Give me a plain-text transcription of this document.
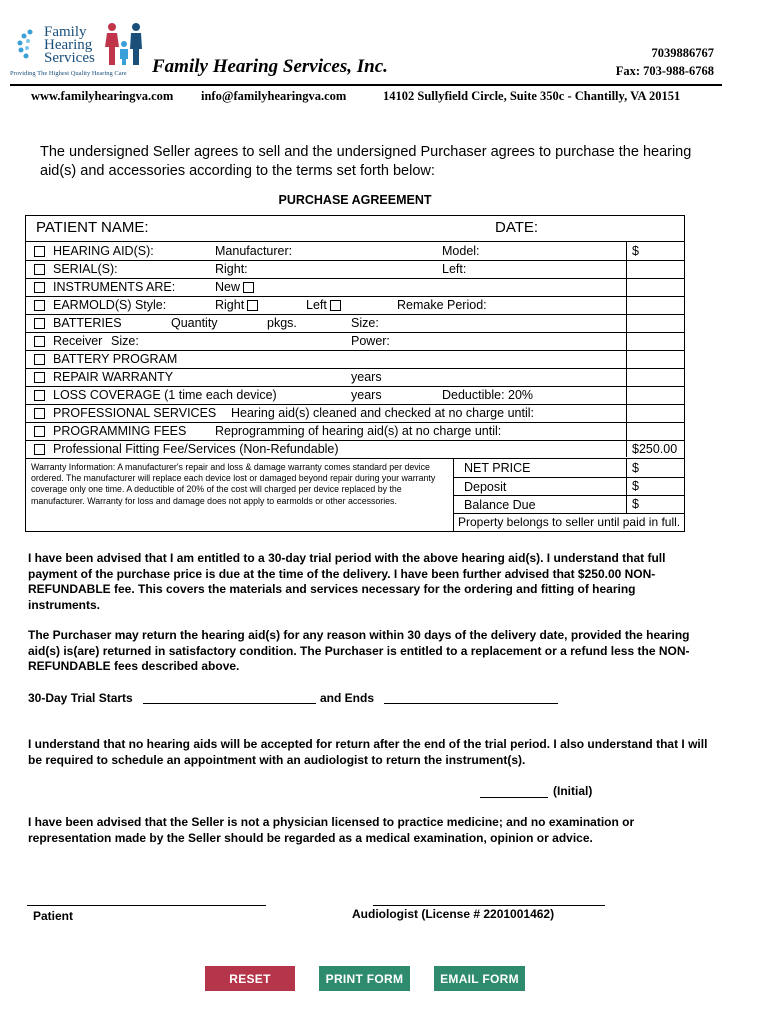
Family
Hearing
Services
Providing The Highest Quality Hearing Care Family Hearing Services, Inc.
7039886767
Fax: 703-988-6768
www.familyhearingva.com info@familyhearingva.com	14102 Sullyfield Circle, Suite 350c - Chantilly, VA 20151
The undersigned Seller agrees to sell and the undersigned Purchaser agrees to purchase the hearing aid(s) and accessories according to the terms set forth below:
PURCHASE AGREEMENT
PATIENT NAME:	DATE:
HEARING AID(S):	Manufacturer:	Model:	$
SERIAL(S):	Right:	Left:
INSTRUMENTS ARE:	New
EARMOLD(S) Style:	Right	Left	Remake Period:
BATTERIES	Quantity	pkgs.	Size:
Receiver Size:	Power:
BATTERY PROGRAM
REPAIR WARRANTY	years
LOSS COVERAGE (1 time each device)	years	Deductible: 20%
PROFESSIONAL SERVICES Hearing aid(s) cleaned and checked at no charge until:
PROGRAMMING FEES Reprogramming of hearing aid(s) at no charge until:
Professional Fitting Fee/Services (Non-Refundable)	$250.00
Warranty Information: A manufacturer's repair and loss & damage warranty comes standard per device ordered. The manufacturer will replace each device lost or damaged beyond repair during your warranty coverage only one time. A deductible of 20% of the cost will charged per device replaced by the manufacturer. Warranty for loss and damage does not apply to earmolds or other accessories.
NET PRICE	$
Deposit	$
Balance Due	$
Property belongs to seller until paid in full.
I have been advised that I am entitled to a 30-day trial period with the above hearing aid(s). I understand that full payment of the purchase price is due at the time of the delivery. I have been further advised that $250.00 NON-REFUNDABLE fee. This covers the materials and services necessary for the ordering and fitting of hearing instruments.
The Purchaser may return the hearing aid(s) for any reason within 30 days of the delivery date, provided the hearing aid(s) is(are) returned in satisfactory condition. The Purchaser is entitled to a replacement or a refund less the NON-REFUNDABLE fees described above.
30-Day Trial Starts	and Ends
I understand that no hearing aids will be accepted for return after the end of the trial period. I also understand that I will be required to schedule an appointment with an audiologist to return the instrument(s).
(Initial)
I have been advised that the Seller is not a physician licensed to practice medicine; and no examination or representation made by the Seller should be regarded as a medical examination, opinion or advice.
Patient	Audiologist (License # 2201001462)
RESET FORM
PRINT FORM	EMAIL FORM
